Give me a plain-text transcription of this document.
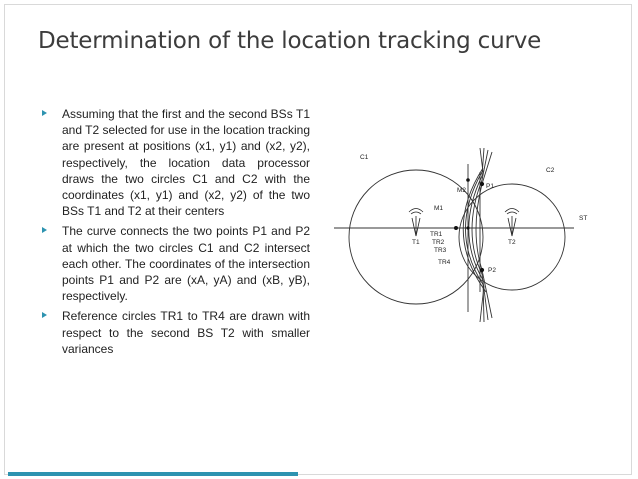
Determination of the location tracking curve
Assuming that the first and the second BSs T1 and T2 selected for use in the location tracking are present at positions (x1, y1) and (x2, y2), respectively, the location data processor draws the two circles C1 and C2 with the coordinates (x1, y1) and (x2, y2) of the two BSs T1 and T2 at their centers
The curve connects the two points P1 and P2 at which the two circles C1 and C2 intersect each other. The coordinates of the intersection points P1 and P2 are (xA, yA) and (xB, yB), respectively.
Reference circles TR1 to TR4 are drawn with respect to the second BS T2 with smaller variances
C1
C2
P1
P2
M1
M2
ST
T1	T2
TR1
TR2
TR3
TR4
